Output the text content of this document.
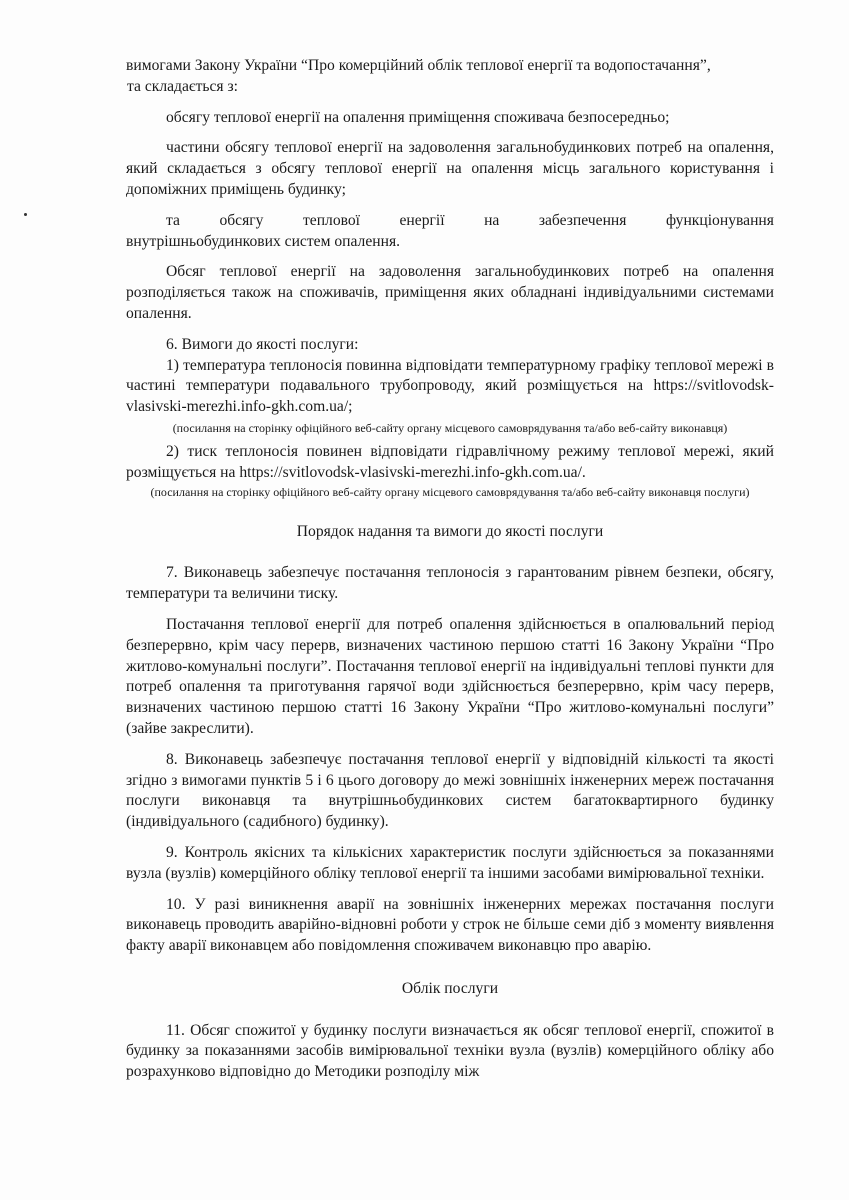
вимогами Закону України “Про комерційний облік теплової енергії та водопостачання”,

та складається з:

обсягу теплової енергії на опалення приміщення споживача безпосередньо;

частини обсягу теплової енергії на задоволення загальнобудинкових потреб на опалення, який складається з обсягу теплової енергії на опалення місць загального користування і допоміжних приміщень будинку;

та	обсягу	теплової	енергії	на	забезпечення	функціонування

внутрішньобудинкових систем опалення.

Обсяг теплової енергії на задоволення загальнобудинкових потреб на опалення розподіляється також на споживачів, приміщення яких обладнані індивідуальними системами опалення.

6. Вимоги до якості послуги:

1) температура теплоносія повинна відповідати температурному графіку теплової мережі в частині температури подавального трубопроводу, який розміщується на https://svitlovodsk-vlasivski-merezhi.info-gkh.com.ua/;

(посилання на сторінку офіційного веб-сайту органу місцевого самоврядування та/або веб-сайту виконавця)

2) тиск теплоносія повинен відповідати гідравлічному режиму теплової мережі, який розміщується на https://svitlovodsk-vlasivski-merezhi.info-gkh.com.ua/.

(посилання на сторінку офіційного веб-сайту органу місцевого самоврядування та/або веб-сайту виконавця послуги)

Порядок надання та вимоги до якості послуги

7. Виконавець забезпечує постачання теплоносія з гарантованим рівнем безпеки, обсягу, температури та величини тиску.

Постачання теплової енергії для потреб опалення здійснюється в опалювальний період безперервно, крім часу перерв, визначених частиною першою статті 16 Закону України “Про житлово-комунальні послуги”. Постачання теплової енергії на індивідуальні теплові пункти для потреб опалення та приготування гарячої води здійснюється безперервно, крім часу перерв, визначених частиною першою статті 16 Закону України “Про житлово-комунальні послуги” (зайве закреслити).

8. Виконавець забезпечує постачання теплової енергії у відповідній кількості та якості згідно з вимогами пунктів 5 і 6 цього договору до межі зовнішніх інженерних мереж постачання послуги виконавця та внутрішньобудинкових систем багатоквартирного будинку (індивідуального (садибного) будинку).

9. Контроль якісних та кількісних характеристик послуги здійснюється за показаннями вузла (вузлів) комерційного обліку теплової енергії та іншими засобами вимірювальної техніки.

10. У разі виникнення аварії на зовнішніх інженерних мережах постачання послуги виконавець проводить аварійно-відновні роботи у строк не більше семи діб з моменту виявлення факту аварії виконавцем або повідомлення споживачем виконавцю про аварію.

Облік послуги

11. Обсяг спожитої у будинку послуги визначається як обсяг теплової енергії, спожитої в будинку за показаннями засобів вимірювальної техніки вузла (вузлів) комерційного обліку або розрахунково відповідно до Методики розподілу між
